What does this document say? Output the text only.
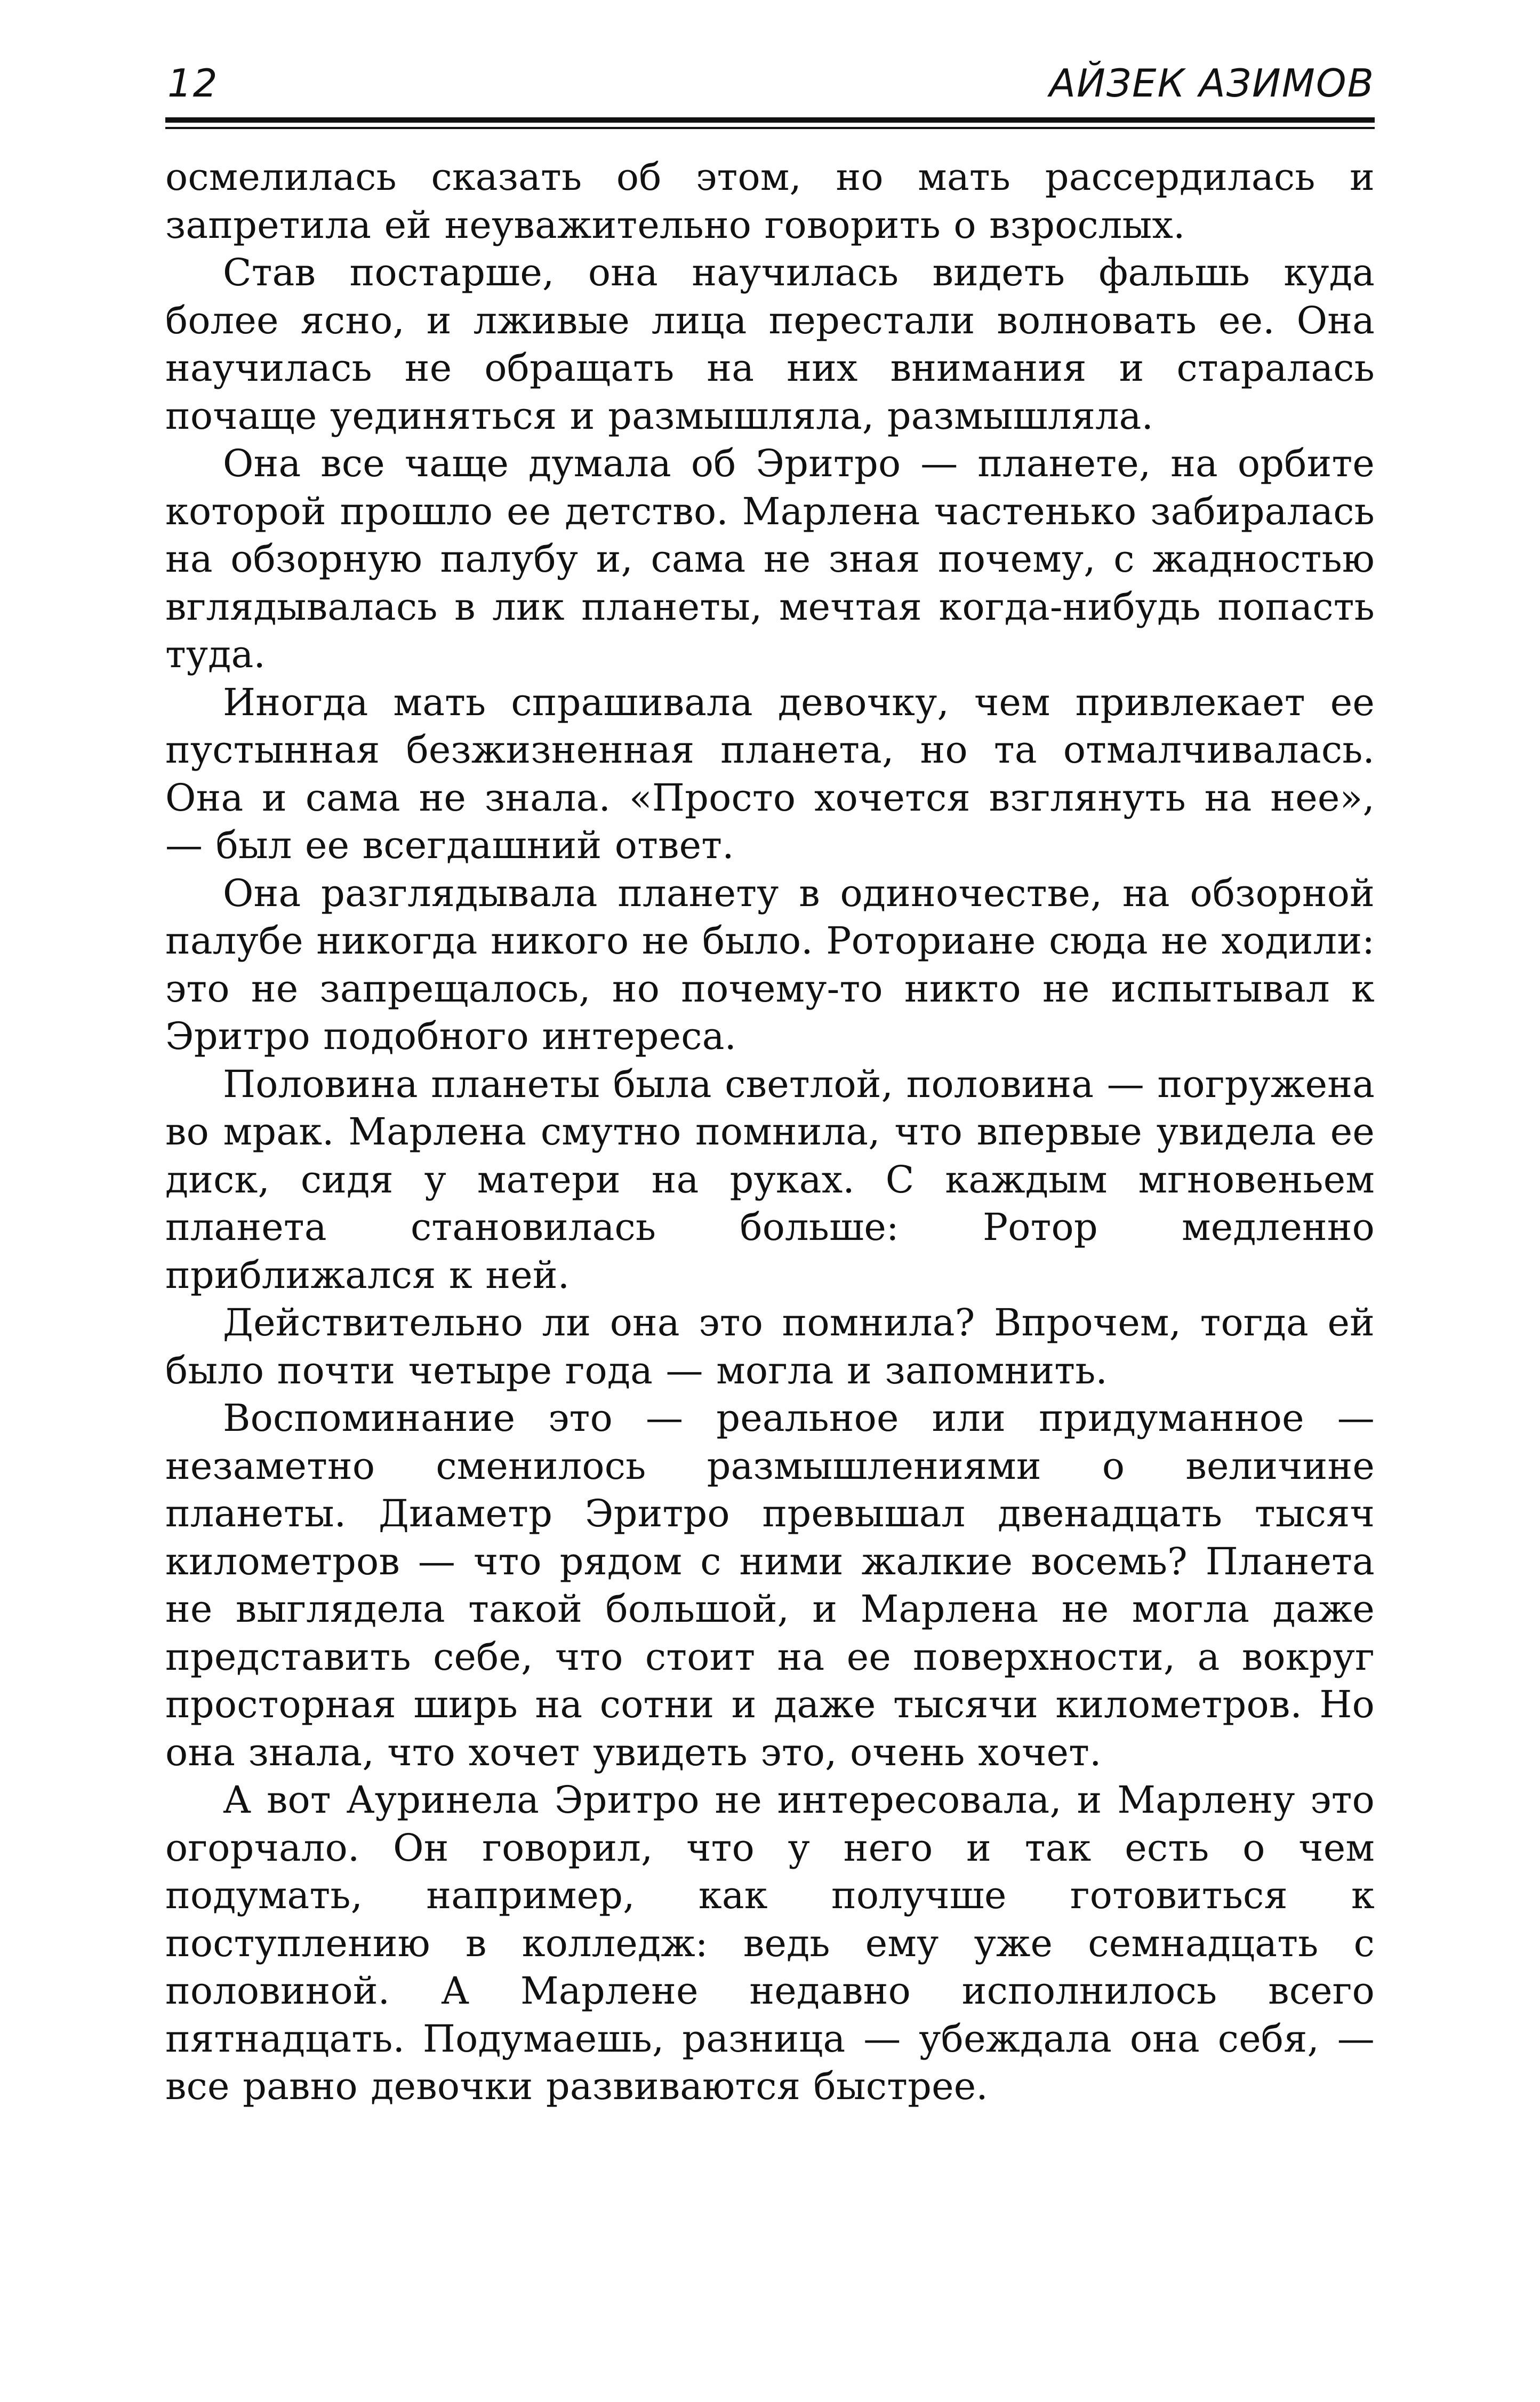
12	АЙЗЕК АЗИМОВ

осмелилась сказать об этом, но мать рассердилась и запретила ей неуважительно говорить о взрослых.

Став постарше, она научилась видеть фальшь куда более ясно, и лживые лица перестали волновать ее. Она научилась не обращать на них внимания и старалась почаще уединяться и размышляла, размышляла.

Она все чаще думала об Эритро — планете, на орбите которой прошло ее детство. Марлена частенько забиралась на обзорную палубу и, сама не зная почему, с жадностью вглядывалась в лик планеты, мечтая когда-нибудь попасть туда.

Иногда мать спрашивала девочку, чем привлекает ее пустынная безжизненная планета, но та отмалчивалась. Она и сама не знала. «Просто хочется взглянуть на нее», — был ее всегдашний ответ.

Она разглядывала планету в одиночестве, на обзорной палубе никогда никого не было. Роториане сюда не ходили: это не запрещалось, но почему-то никто не испытывал к Эритро подобного интереса.

Половина планеты была светлой, половина — погружена во мрак. Марлена смутно помнила, что впервые увидела ее диск, сидя у матери на руках. С каждым мгновеньем планета становилась больше: Ротор медленно приближался к ней.

Действительно ли она это помнила? Впрочем, тогда ей было почти четыре года — могла и запомнить.

Воспоминание это — реальное или придуманное — незаметно сменилось размышлениями о величине планеты. Диаметр Эритро превышал двенадцать тысяч километров — что рядом с ними жалкие восемь? Планета не выглядела такой большой, и Марлена не могла даже представить себе, что стоит на ее поверхности, а вокруг просторная ширь на сотни и даже тысячи километров. Но она знала, что хочет увидеть это, очень хочет.

А вот Ауринела Эритро не интересовала, и Марлену это огорчало. Он говорил, что у него и так есть о чем подумать, например, как получше готовиться к поступлению в колледж: ведь ему уже семнадцать с половиной. А Марлене недавно исполнилось всего пятнадцать. Подумаешь, разница — убеждала она себя, — все равно девочки развиваются быстрее.
